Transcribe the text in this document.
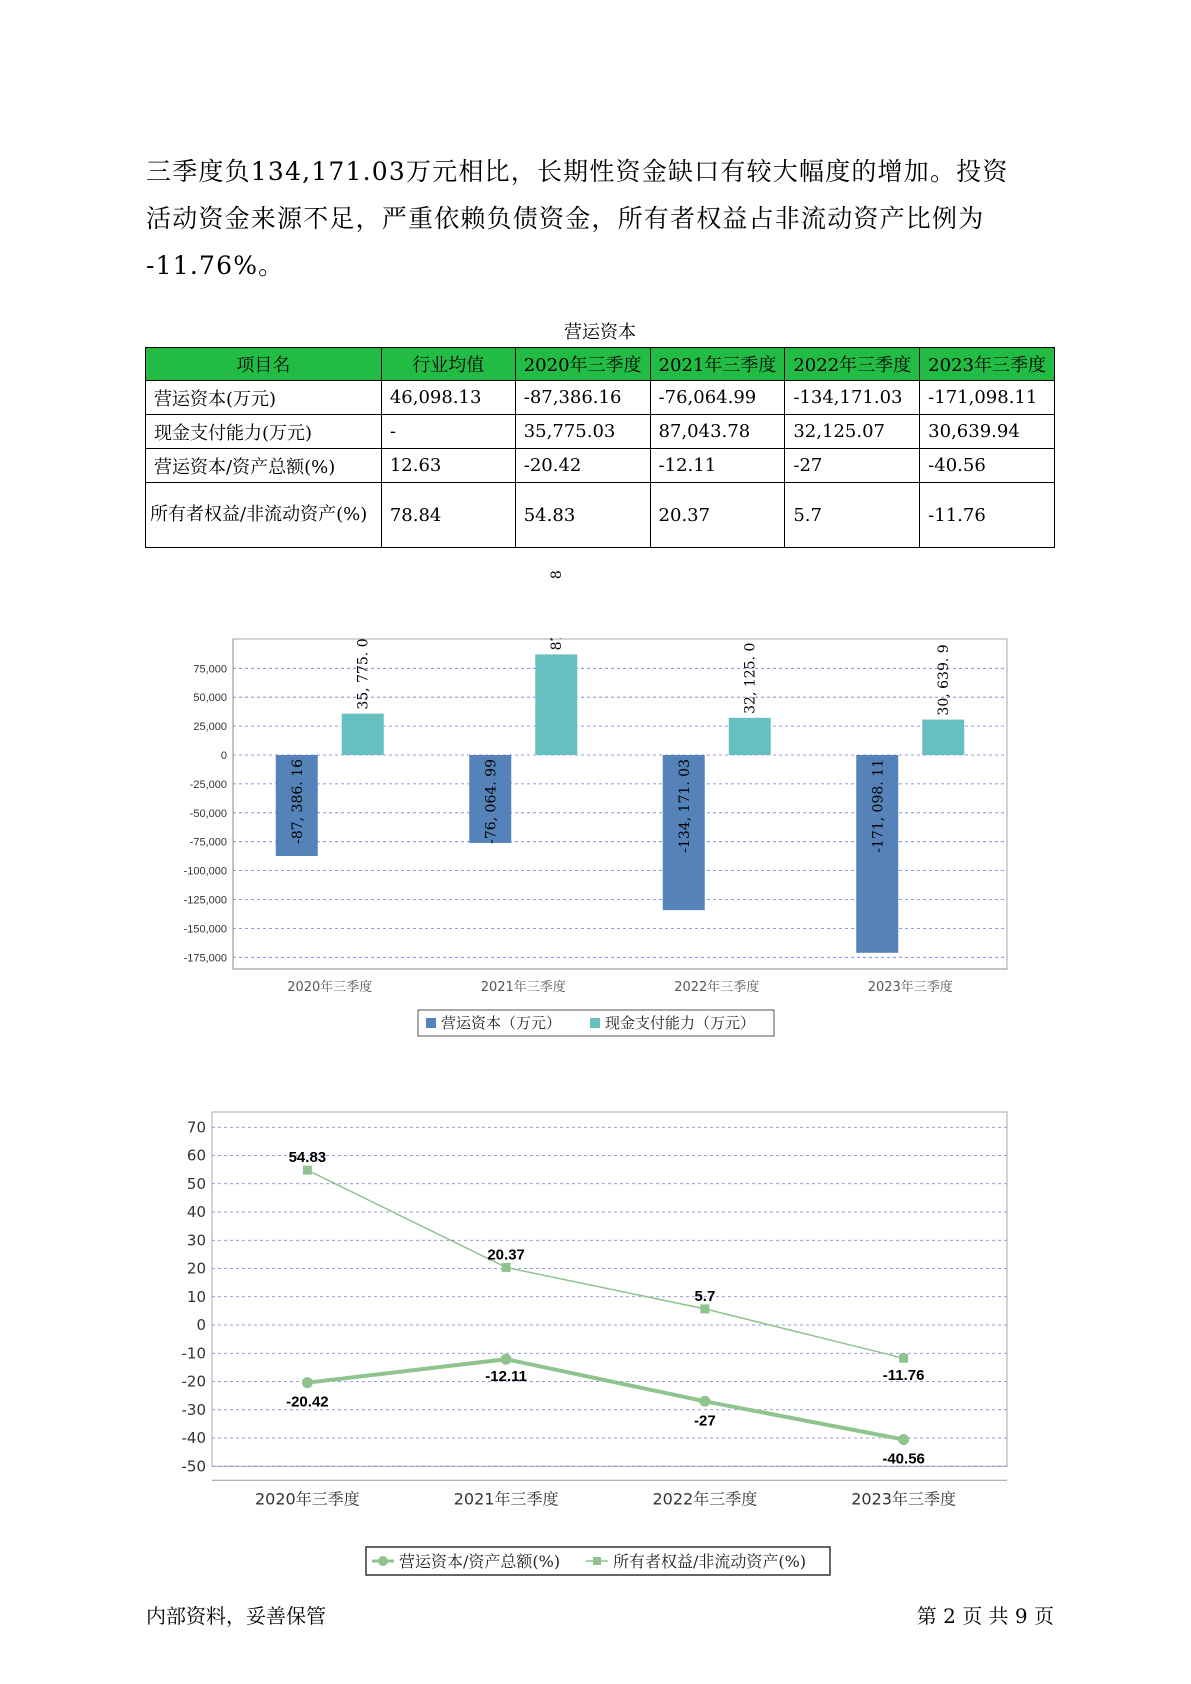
三季度负134,171.03万元相比，长期性资金缺口有较大幅度的增加。投资
活动资金来源不足，严重依赖负债资金，所有者权益占非流动资产比例为
-11.76%。
营运资本
项目名	行业均值	2020年三季度	2021年三季度	2022年三季度	2023年三季度
营运资本(万元)	46,098.13	-87,386.16	-76,064.99	-134,171.03	-171,098.11
现金支付能力(万元)	-	35,775.03	87,043.78	32,125.07	30,639.94
营运资本/资产总额(%)	12.63	-20.42	-12.11	-27	-40.56
所有者权益/非流动资产(%)	78.84	54.83	20.37	5.7	-11.76
75,000
50,000
25,000
0
-25,000
-50,000
-75,000
-100,000
-125,000
-150,000
-175,000
2020年三季度
-87, 386. 16
35, 775. 0
2021年三季度
-76, 064. 99
2022年三季度
-134, 171. 03
32, 125. 0
2023年三季度
-171, 098. 11
30, 639. 9
营运资本（万元）	现金支付能力（万元）
70
60
50
40
30
20
10
0
-10
-20
-30
-40
-50
2020年三季度	2021年三季度	2022年三季度	2023年三季度
-20.42
-12.11
-27
-40.56
54.83
20.37
5.7
-11.76
营运资本/资产总额(%)	所有者权益/非流动资产(%)
内部资料，妥善保管	第 2 页 共 9 页
